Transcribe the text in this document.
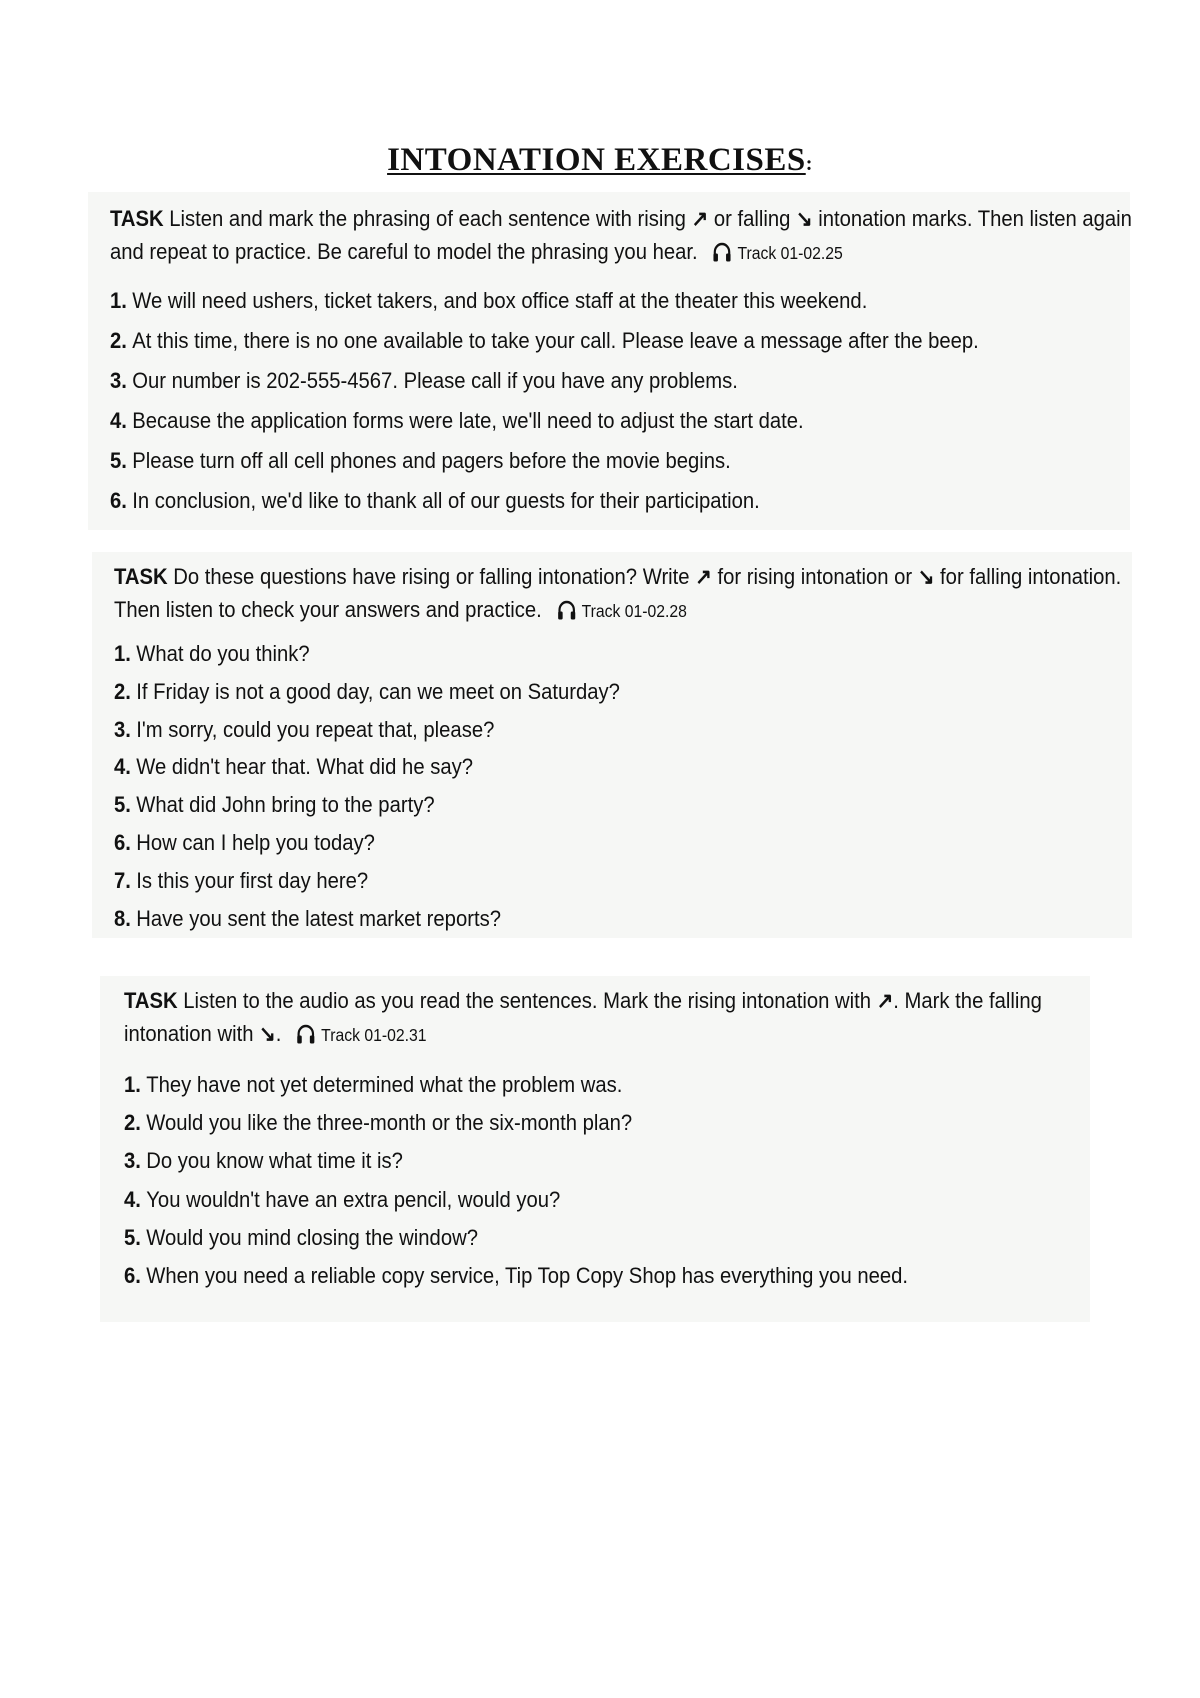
INTONATION EXERCISES:
TASK Listen and mark the phrasing of each sentence with rising ↗ or falling ↘ intonation marks. Then listen again and repeat to practice. Be careful to model the phrasing you hear. Track 01-02.25
1. We will need ushers, ticket takers, and box office staff at the theater this weekend.
2. At this time, there is no one available to take your call. Please leave a message after the beep.
3. Our number is 202-555-4567. Please call if you have any problems.
4. Because the application forms were late, we'll need to adjust the start date.
5. Please turn off all cell phones and pagers before the movie begins.
6. In conclusion, we'd like to thank all of our guests for their participation.
TASK Do these questions have rising or falling intonation? Write ↗ for rising intonation or ↘ for falling intonation. Then listen to check your answers and practice. Track 01-02.28
1. What do you think?
2. If Friday is not a good day, can we meet on Saturday?
3. I'm sorry, could you repeat that, please?
4. We didn't hear that. What did he say?
5. What did John bring to the party?
6. How can I help you today?
7. Is this your first day here?
8. Have you sent the latest market reports?
TASK Listen to the audio as you read the sentences. Mark the rising intonation with ↗. Mark the falling intonation with ↘. Track 01-02.31
1. They have not yet determined what the problem was.
2. Would you like the three-month or the six-month plan?
3. Do you know what time it is?
4. You wouldn't have an extra pencil, would you?
5. Would you mind closing the window?
6. When you need a reliable copy service, Tip Top Copy Shop has everything you need.
